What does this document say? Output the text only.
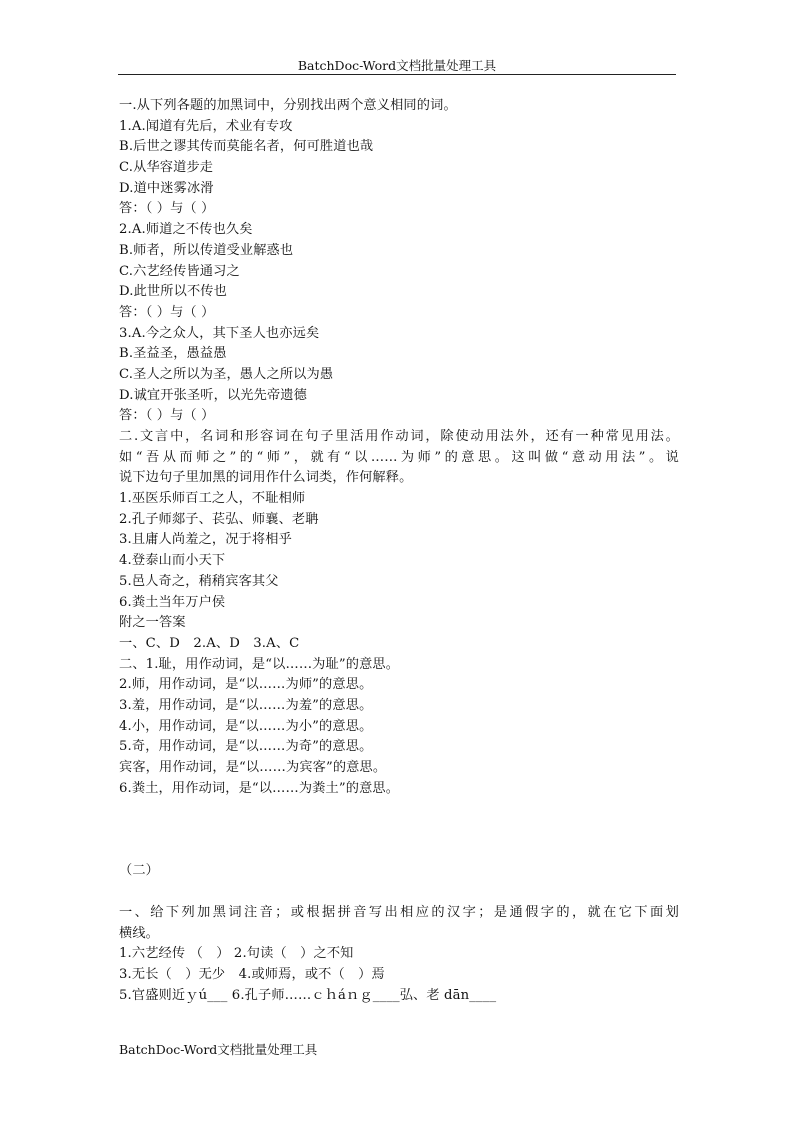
BatchDoc-Word文档批量处理工具
一.从下列各题的加黑词中，分别找出两个意义相同的词。
1.A.闻道有先后，术业有专攻
B.后世之谬其传而莫能名者，何可胜道也哉
C.从华容道步走
D.道中迷雾冰滑
答：（ ）与（ ）
2.A.师道之不传也久矣
B.师者，所以传道受业解惑也
C.六艺经传皆通习之
D.此世所以不传也
答：（ ）与（ ）
3.A.今之众人，其下圣人也亦远矣
B.圣益圣，愚益愚
C.圣人之所以为圣，愚人之所以为愚
D.诚宜开张圣听，以光先帝遗德
答：（ ）与（ ）
二.文言中，名词和形容词在句子里活用作动词，除使动用法外，还有一种常见用法。
如“吾从而师之”的“师”，就有“以……为师”的意思。这叫做“意动用法”。说
说下边句子里加黑的词用作什么词类，作何解释。
1.巫医乐师百工之人，不耻相师
2.孔子师郯子、苌弘、师襄、老聃
3.且庸人尚羞之，况于将相乎
4.登泰山而小天下
5.邑人奇之，稍稍宾客其父
6.粪土当年万户侯
附之一答案
一、C、D　2.A、D　3.A、C
二、1.耻，用作动词，是“以……为耻”的意思。
2.师，用作动词，是“以……为师”的意思。
3.羞，用作动词，是“以……为羞”的意思。
4.小，用作动词，是“以……为小”的意思。
5.奇，用作动词，是“以……为奇”的意思。
宾客，用作动词，是“以……为宾客”的意思。
6.粪土，用作动词，是“以……为粪土”的意思。
（二）
一、给下列加黑词注音；或根据拼音写出相应的汉字；是通假字的，就在它下面划
横线。
1.六艺经传 （　） 2.句读（　）之不知
3.无长（　）无少　4.或师焉，或不（　）焉
5.官盛则近ｙú___ 6.孔子师……ｃｈáｎｇ____弘、老 dān____
BatchDoc-Word文档批量处理工具
